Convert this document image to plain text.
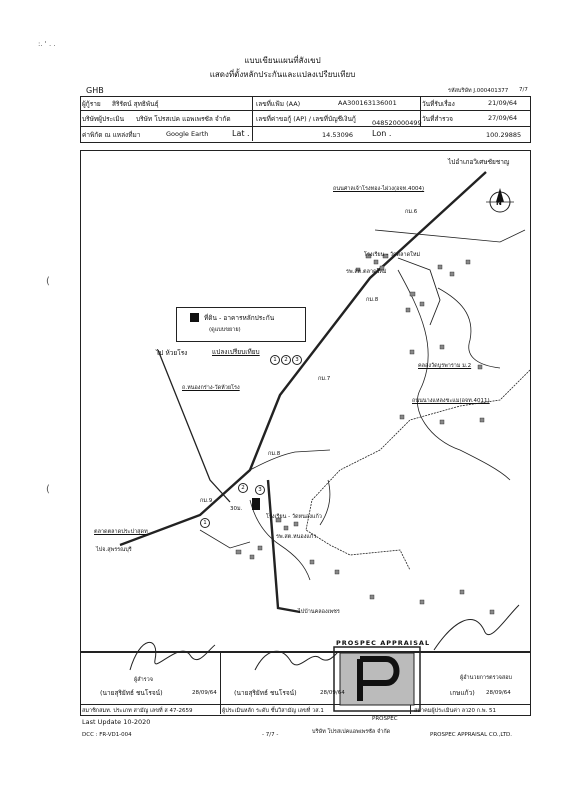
:. ' . .
แบบเขียนแผนที่สังเขป
แสดงที่ตั้งหลักประกันและแปลงเปรียบเทียบ
GHB	รหัสบริษัท J.000401377 7/7
ผู้กู้ราย สิริรัตน์ สุทธิพันธุ์	เลขที่แฟ้ม (AA)	AA300163136001	วันที่รับเรื่อง	21/09/64
บริษัทผู้ประเมิน บริษัท โปรสเปค แอพเพรซัล จำกัด	เลขที่ค่าขอกู้ (AP) / เลขที่บัญชีเงินกู้ 048520000499 วันที่สำรวจ	27/09/64
ค่าพิกัด ณ แหล่งที่มา	Google Earth	Lat .	14.53096 Lon .	100.29885
N
ไปอำเภอวิเศษชัยชาญ
ถนนศาลเจ้าโรงทอง-ไผ่วง(อจท.4004)
กม.6
โรงเรียน - วัดตลาดใหม่
รพ.สต.ตลาดใหม่
กม.8
ที่ดิน - อาคารหลักประกัน
(ดูแบบขยาย)
แปลงเปรียบเทียบ
1 2 3
ไป ห้วยโรง
ถ.หนองกร่าง-วัดห้วยโรง
กม.7
คลองวัดบูรพาราม ม.2
ถนนนางแหลงชะแม(อจท.4011)
กม.8
กม.9
30ม.
2	3
1
ตลาดตลาดประปาสุดท
โรงเรียน - วัดหนองแก้ว
รพ.สต.หนองแก้ว
ไปจ.สุพรรณบุรี
ไปบ้านคลองเพชร
PROSPEC APPRAISAL
PROSPEC
บริษัท โปรสเปคแอพเพรซัล จำกัด
ผู้สำรวจ
(นายสุริยัทธ์ ชนโรจน์)	28/09/64
สมาชิกสมท. ประเภท สามัญ เลขที่ ส 47-2659
(นายสุริยัทธ์ ชนโรจน์)	28/09/64
ผู้ประเมินหลัก ระดับ ชั้นวิสามัญ เลขที่ วส.1
ผู้อำนวยการตรวจสอบ
เกษแก้ว) 28/09/64
สมาคมผู้ประเมินค่า ลว.
20 ก.พ. 51
Last Update 10-2020
DCC : FR-VD1-004	- 7/7 -	PROSPEC APPRAISAL CO.,LTD.
(
(
